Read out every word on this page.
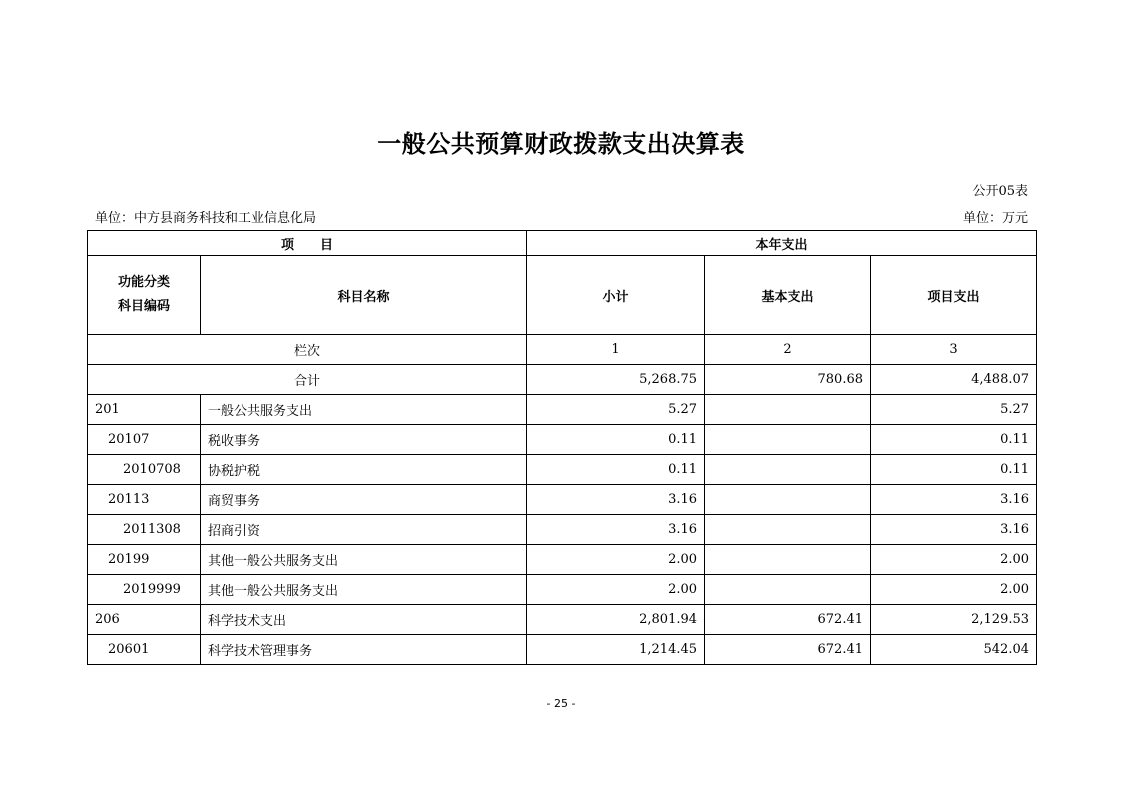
一般公共预算财政拨款支出决算表
公开05表
单位：中方县商务科技和工业信息化局	单位：万元
项　　目		本年支出		

功能分类
科目编码	科目名称	小计	基本支出	项目支出
栏次		1	2	3
合计		5,268.75	780.68	4,488.07
201	一般公共服务支出	5.27		5.27
20107	税收事务	0.11		0.11
2010708	协税护税	0.11		0.11
20113	商贸事务	3.16		3.16
2011308	招商引资	3.16		3.16
20199	其他一般公共服务支出	2.00		2.00
2019999	其他一般公共服务支出	2.00		2.00
206	科学技术支出	2,801.94	672.41	2,129.53
20601	科学技术管理事务	1,214.45	672.41	542.04
- 25 -
